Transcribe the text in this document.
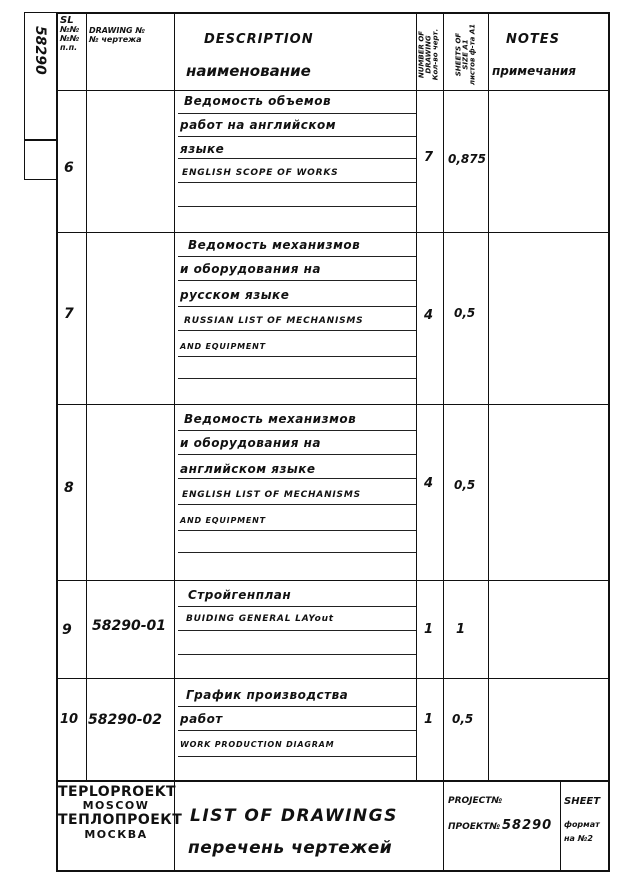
58290
SL
№№
№№ п.п.
DRAWING №
№ чертежа	DESCRIPTION
наименование	NUMBER OF DRAWING Кол-во черт. SHEETS OF SIZE A1 листов ф-та А1 NOTES
примечания
6
Ведомость объемов
работ на английском
языке
ENGLISH SCOPE OF WORKS
7 0,875
7
Ведомость механизмов
и оборудования на
русском языке
RUSSIAN LIST OF MECHANISMS
AND EQUIPMENT
4 0,5
8
Ведомость механизмов
и оборудования на
английском языке
ENGLISH LIST OF MECHANISMS
AND EQUIPMENT
4 0,5
9 58290-01
Стройгенплан
BUIDING GENERAL LAYout
1 1
10 58290-02
График производства
работ
WORK PRODUCTION DIAGRAM
1 0,5
TEPLOPROEKT
MOSCOW
ТЕПЛОПРОЕКТ
МОСКВА
LIST OF DRAWINGS
перечень чертежей
PROJECT№
ПРОЕКТ№ 58290
SHEET
формат
на №2
